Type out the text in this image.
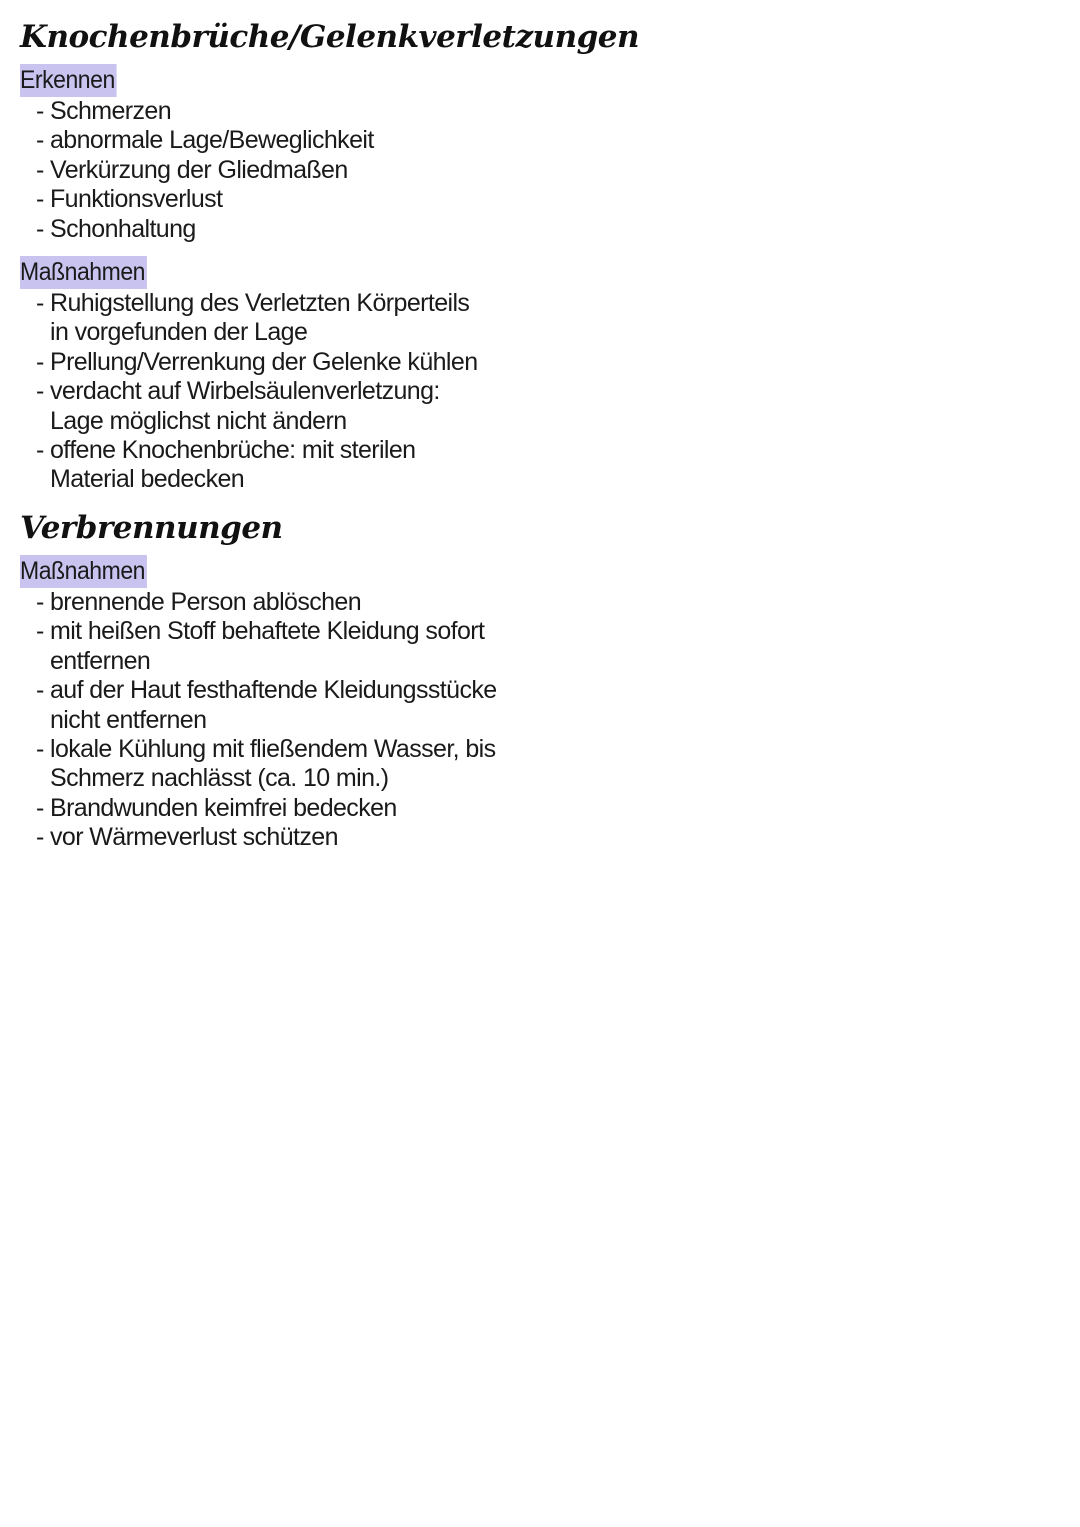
Knochenbrüche/Gelenkverletzungen
Erkennen
- Schmerzen
- abnormale Lage/Beweglichkeit
- Verkürzung der Gliedmaßen
- Funktionsverlust
- Schonhaltung
Maßnahmen
- Ruhigstellung des Verletzten Körperteils in vorgefunden der Lage
- Prellung/Verrenkung der Gelenke kühlen
- verdacht auf Wirbelsäulenverletzung: Lage möglichst nicht ändern
- offene Knochenbrüche: mit sterilen Material bedecken
Verbrennungen
Maßnahmen
- brennende Person ablöschen
- mit heißen Stoff behaftete Kleidung sofort entfernen
- auf der Haut festhaftende Kleidungsstücke nicht entfernen
- lokale Kühlung mit fließendem Wasser, bis Schmerz nachlässt (ca. 10 min.)
- Brandwunden keimfrei bedecken
- vor Wärmeverlust schützen
